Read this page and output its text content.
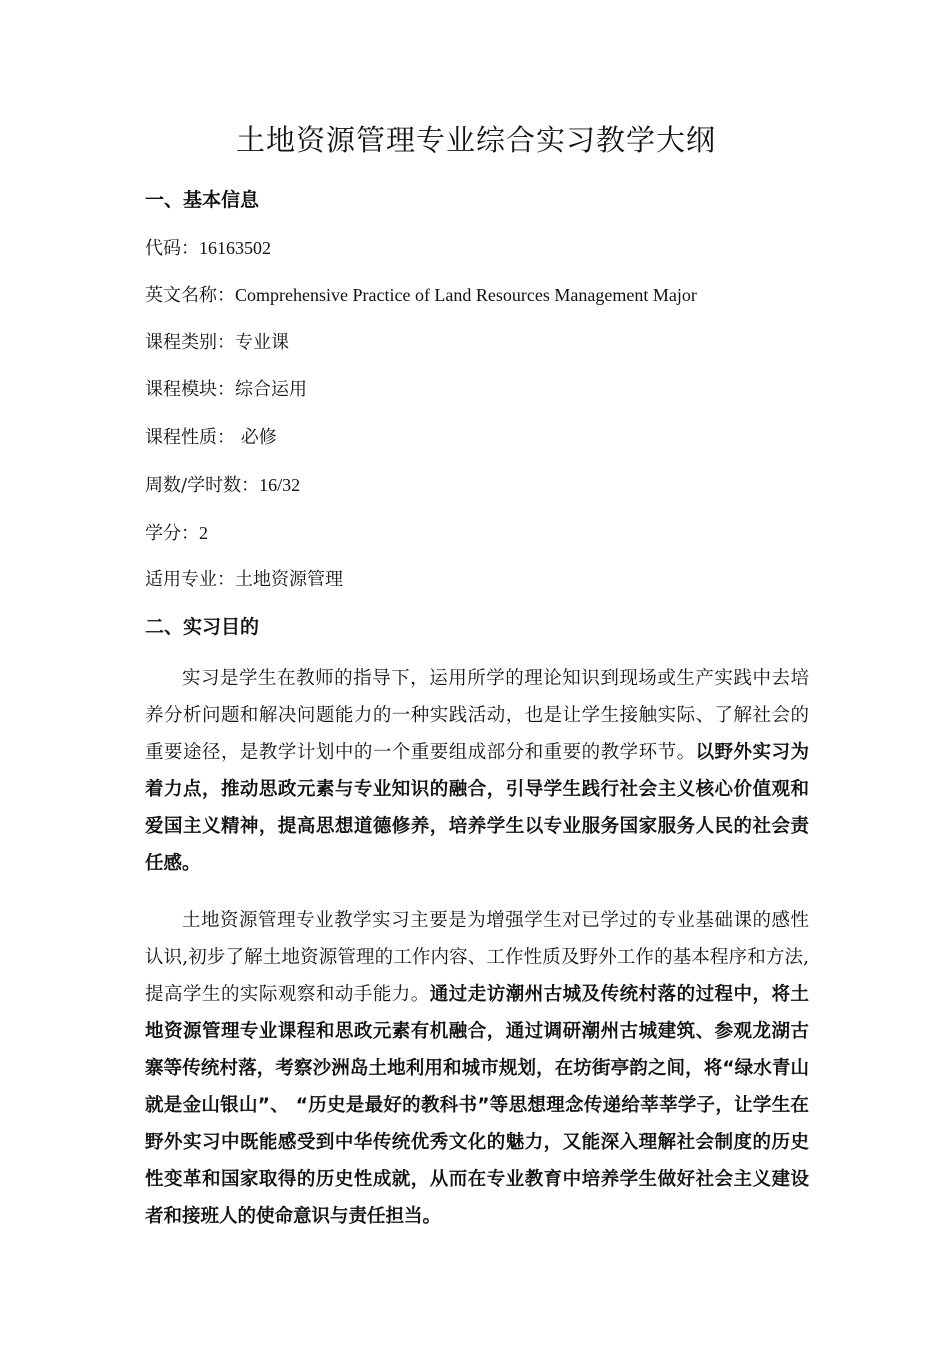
土地资源管理专业综合实习教学大纲
一、基本信息

代码：16163502

英文名称：Comprehensive Practice of Land Resources Management Major

课程类别：专业课

课程模块：综合运用

课程性质： 必修

周数/学时数：16/32

学分：2

适用专业：土地资源管理

二、实习目的

实习是学生在教师的指导下，运用所学的理论知识到现场或生产实践中去培养分析问题和解决问题能力的一种实践活动，也是让学生接触实际、了解社会的重要途径，是教学计划中的一个重要组成部分和重要的教学环节。以野外实习为着力点，推动思政元素与专业知识的融合，引导学生践行社会主义核心价值观和爱国主义精神，提高思想道德修养，培养学生以专业服务国家服务人民的社会责任感。

土地资源管理专业教学实习主要是为增强学生对已学过的专业基础课的感性认识,初步了解土地资源管理的工作内容、工作性质及野外工作的基本程序和方法,提高学生的实际观察和动手能力。通过走访潮州古城及传统村落的过程中，将土地资源管理专业课程和思政元素有机融合，通过调研潮州古城建筑、参观龙湖古寨等传统村落，考察沙洲岛土地利用和城市规划，在坊街亭韵之间，将“绿水青山就是金山银山”、 “历史是最好的教科书”等思想理念传递给莘莘学子，让学生在野外实习中既能感受到中华传统优秀文化的魅力，又能深入理解社会制度的历史性变革和国家取得的历史性成就，从而在专业教育中培养学生做好社会主义建设者和接班人的使命意识与责任担当。
